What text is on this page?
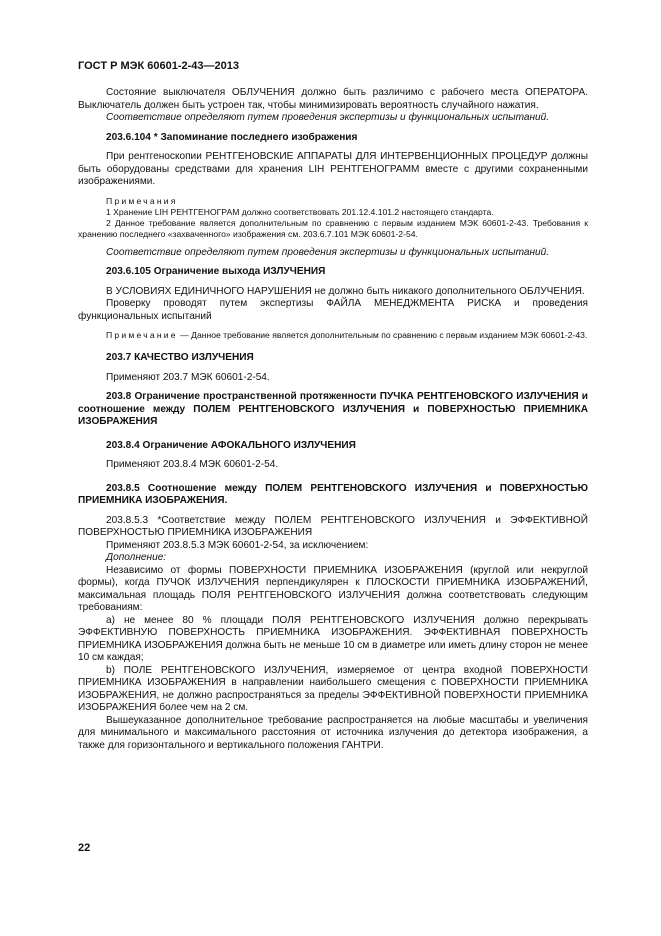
ГОСТ Р МЭК 60601-2-43—2013

Состояние выключателя ОБЛУЧЕНИЯ должно быть различимо с рабочего места ОПЕРАТОРА. Выключатель должен быть устроен так, чтобы минимизировать вероятность случайного нажатия.

Соответствие определяют путем проведения экспертизы и функциональных испытаний.

203.6.104 * Запоминание последнего изображения

При рентгеноскопии РЕНТГЕНОВСКИЕ АППАРАТЫ ДЛЯ ИНТЕРВЕНЦИОННЫХ ПРОЦЕДУР должны быть оборудованы средствами для хранения LIH РЕНТГЕНОГРАММ вместе с другими сохраненными изображениями.

Примечания

1 Хранение LIH РЕНТГЕНОГРАМ должно соответствовать 201.12.4.101.2 настоящего стандарта.

2 Данное требование является дополнительным по сравнению с первым изданием МЭК 60601-2-43. Требования к хранению последнего «захваченного» изображения см. 203.6.7.101 МЭК 60601-2-54.

Соответствие определяют путем проведения экспертизы и функциональных испытаний.

203.6.105 Ограничение выхода ИЗЛУЧЕНИЯ

В УСЛОВИЯХ ЕДИНИЧНОГО НАРУШЕНИЯ не должно быть никакого дополнительного ОБЛУЧЕНИЯ.

Проверку проводят путем экспертизы ФАЙЛА МЕНЕДЖМЕНТА РИСКА и проведения функциональных испытаний

Примечание — Данное требование является дополнительным по сравнению с первым изданием МЭК 60601-2-43.

203.7 КАЧЕСТВО ИЗЛУЧЕНИЯ

Применяют 203.7 МЭК 60601-2-54.

203.8 Ограничение пространственной протяженности ПУЧКА РЕНТГЕНОВСКОГО ИЗЛУЧЕНИЯ и соотношение между ПОЛЕМ РЕНТГЕНОВСКОГО ИЗЛУЧЕНИЯ и ПОВЕРХНОСТЬЮ ПРИЕМНИКА ИЗОБРАЖЕНИЯ

203.8.4 Ограничение АФОКАЛЬНОГО ИЗЛУЧЕНИЯ

Применяют 203.8.4 МЭК 60601-2-54.

203.8.5 Соотношение между ПОЛЕМ РЕНТГЕНОВСКОГО ИЗЛУЧЕНИЯ и ПОВЕРХНОСТЬЮ ПРИЕМНИКА ИЗОБРАЖЕНИЯ.

203.8.5.3 *Соответствие между ПОЛЕМ РЕНТГЕНОВСКОГО ИЗЛУЧЕНИЯ и ЭФФЕКТИВНОЙ ПОВЕРХНОСТЬЮ ПРИЕМНИКА ИЗОБРАЖЕНИЯ

Применяют 203.8.5.3 МЭК 60601-2-54, за исключением:

Дополнение:

Независимо от формы ПОВЕРХНОСТИ ПРИЕМНИКА ИЗОБРАЖЕНИЯ (круглой или некруглой формы), когда ПУЧОК ИЗЛУЧЕНИЯ перпендикулярен к ПЛОСКОСТИ ПРИЕМНИКА ИЗОБРАЖЕНИЙ, максимальная площадь ПОЛЯ РЕНТГЕНОВСКОГО ИЗЛУЧЕНИЯ должна соответствовать следующим требованиям:

a) не менее 80 % площади ПОЛЯ РЕНТГЕНОВСКОГО ИЗЛУЧЕНИЯ должно перекрывать ЭФФЕКТИВНУЮ ПОВЕРХНОСТЬ ПРИЕМНИКА ИЗОБРАЖЕНИЯ. ЭФФЕКТИВНАЯ ПОВЕРХНОСТЬ ПРИЕМНИКА ИЗОБРАЖЕНИЯ должна быть не меньше 10 см в диаметре или иметь длину сторон не менее 10 см каждая;

b) ПОЛЕ РЕНТГЕНОВСКОГО ИЗЛУЧЕНИЯ, измеряемое от центра входной ПОВЕРХНОСТИ ПРИЕМНИКА ИЗОБРАЖЕНИЯ в направлении наибольшего смещения с ПОВЕРХНОСТИ ПРИЕМНИКА ИЗОБРАЖЕНИЯ, не должно распространяться за пределы ЭФФЕКТИВНОЙ ПОВЕРХНОСТИ ПРИЕМНИКА ИЗОБРАЖЕНИЯ более чем на 2 см.

Вышеуказанное дополнительное требование распространяется на любые масштабы и увеличения для минимального и максимального расстояния от источника излучения до детектора изображения, а также для горизонтального и вертикального положения ГАНТРИ.

22
